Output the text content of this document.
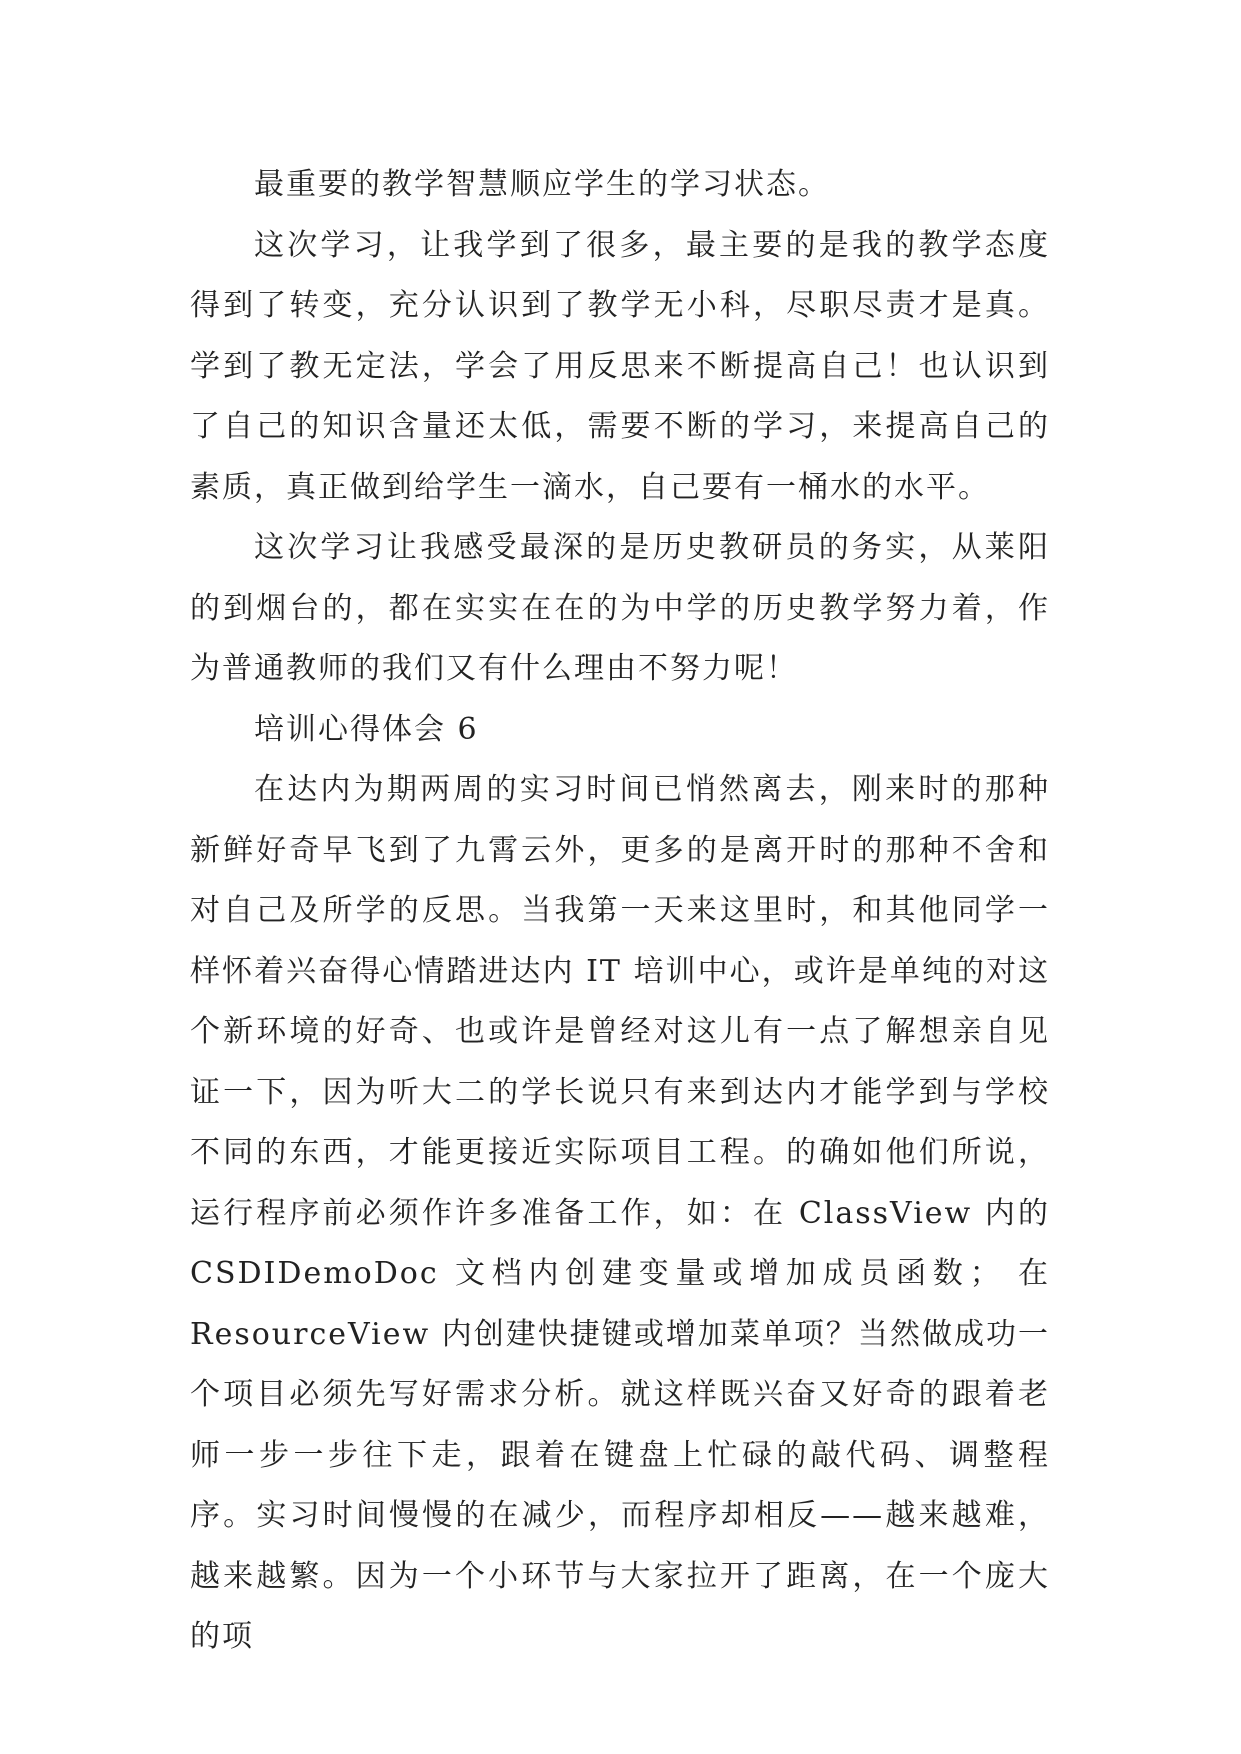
最重要的教学智慧顺应学生的学习状态。

这次学习，让我学到了很多，最主要的是我的教学态度得到了转变，充分认识到了教学无小科，尽职尽责才是真。学到了教无定法，学会了用反思来不断提高自己！也认识到了自己的知识含量还太低，需要不断的学习，来提高自己的素质，真正做到给学生一滴水，自己要有一桶水的水平。

这次学习让我感受最深的是历史教研员的务实，从莱阳的到烟台的，都在实实在在的为中学的历史教学努力着，作为普通教师的我们又有什么理由不努力呢！

培训心得体会 6

在达内为期两周的实习时间已悄然离去，刚来时的那种新鲜好奇早飞到了九霄云外，更多的是离开时的那种不舍和对自己及所学的反思。当我第一天来这里时，和其他同学一样怀着兴奋得心情踏进达内 IT 培训中心，或许是单纯的对这个新环境的好奇、也或许是曾经对这儿有一点了解想亲自见证一下，因为听大二的学长说只有来到达内才能学到与学校不同的东西，才能更接近实际项目工程。的确如他们所说，运行程序前必须作许多准备工作，如：在 ClassView 内的 CSDIDemoDoc 文档内创建变量或增加成员函数； 在 ResourceView 内创建快捷键或增加菜单项？当然做成功一个项目必须先写好需求分析。就这样既兴奋又好奇的跟着老师一步一步往下走，跟着在键盘上忙碌的敲代码、调整程序。实习时间慢慢的在减少，而程序却相反——越来越难，越来越繁。因为一个小环节与大家拉开了距离，在一个庞大的项
